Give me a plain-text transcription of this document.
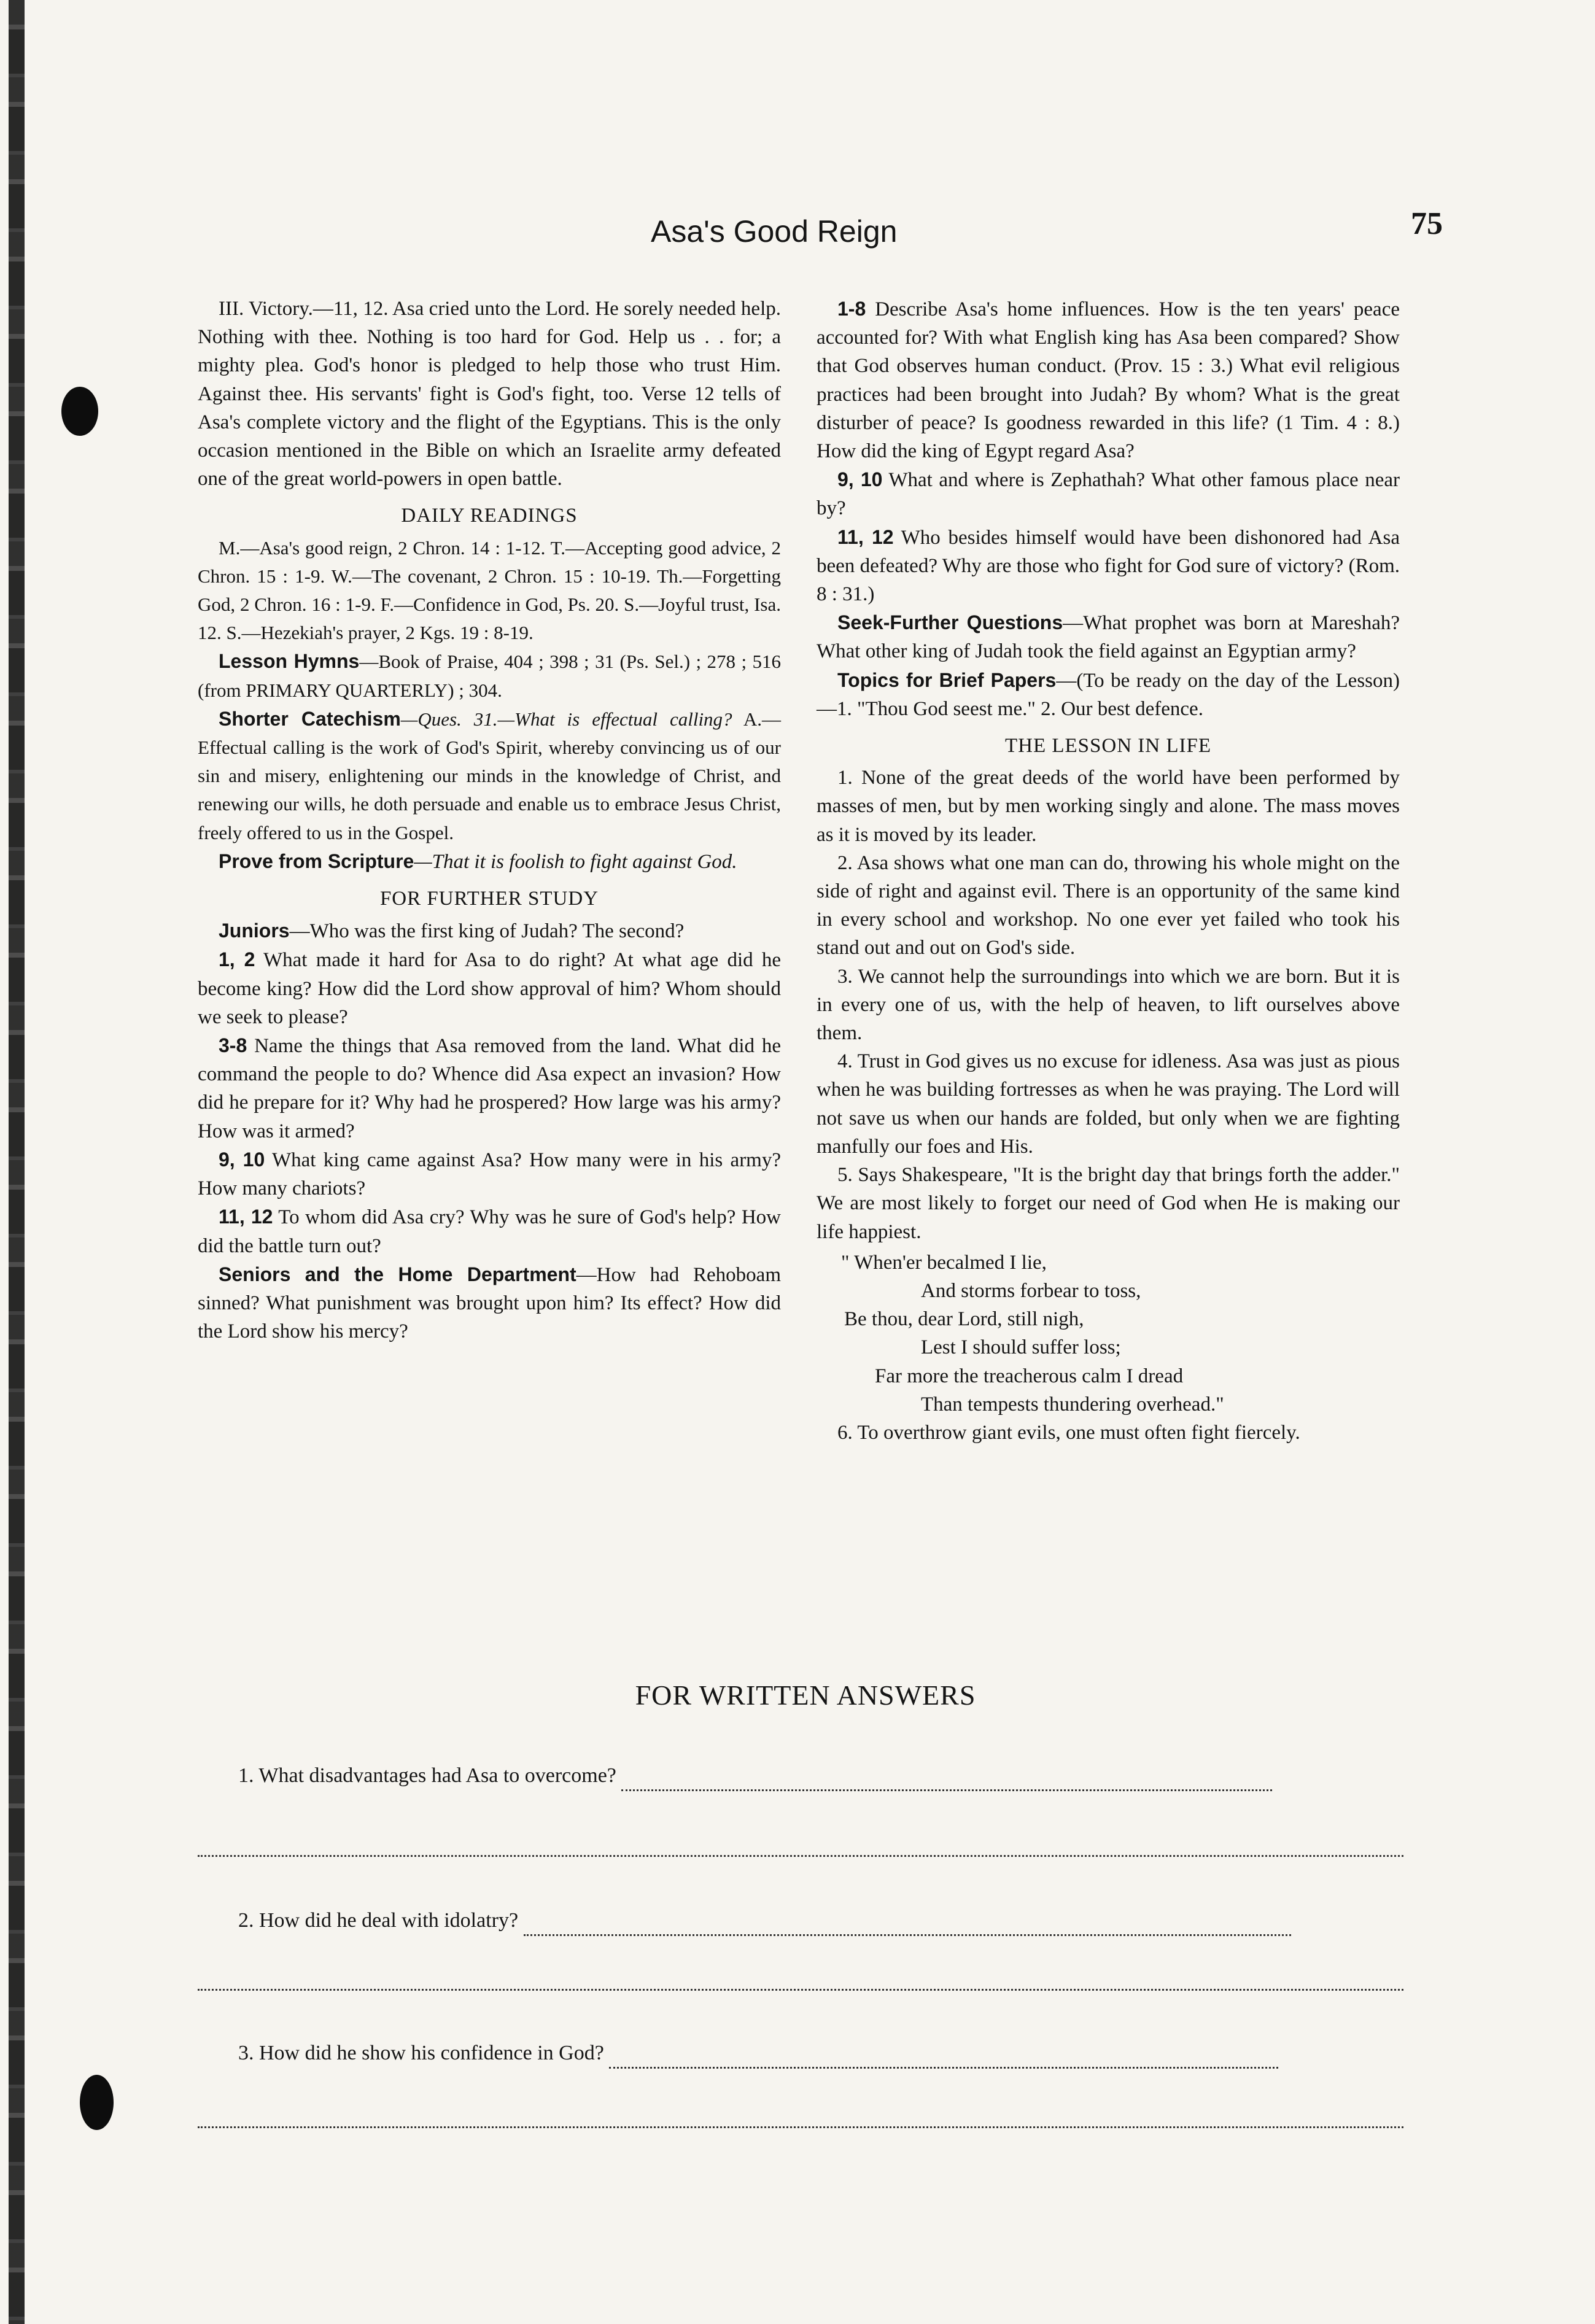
Asa's Good Reign	75

III. Victory.—11, 12. Asa cried unto the Lord. He sorely needed help. Nothing with thee. Nothing is too hard for God. Help us . . for; a mighty plea. God's honor is pledged to help those who trust Him. Against thee. His servants' fight is God's fight, too. Verse 12 tells of Asa's complete victory and the flight of the Egyptians. This is the only occasion mentioned in the Bible on which an Israelite army defeated one of the great world-powers in open battle.

DAILY READINGS

M.—Asa's good reign, 2 Chron. 14 : 1-12. T.—Accepting good advice, 2 Chron. 15 : 1-9. W.—The covenant, 2 Chron. 15 : 10-19. Th.—Forgetting God, 2 Chron. 16 : 1-9. F.—Confidence in God, Ps. 20. S.—Joyful trust, Isa. 12. S.—Hezekiah's prayer, 2 Kgs. 19 : 8-19.

Lesson Hymns—Book of Praise, 404 ; 398 ; 31 (Ps. Sel.) ; 278 ; 516 (from PRIMARY QUARTERLY) ; 304.

Shorter Catechism—Ques. 31.—What is effectual calling? A.—Effectual calling is the work of God's Spirit, whereby convincing us of our sin and misery, enlightening our minds in the knowledge of Christ, and renewing our wills, he doth persuade and enable us to embrace Jesus Christ, freely offered to us in the Gospel.

Prove from Scripture—That it is foolish to fight against God.

FOR FURTHER STUDY

Juniors—Who was the first king of Judah? The second?

1, 2 What made it hard for Asa to do right? At what age did he become king? How did the Lord show approval of him? Whom should we seek to please?

3-8 Name the things that Asa removed from the land. What did he command the people to do? Whence did Asa expect an invasion? How did he prepare for it? Why had he prospered? How large was his army? How was it armed?

9, 10 What king came against Asa? How many were in his army? How many chariots?

11, 12 To whom did Asa cry? Why was he sure of God's help? How did the battle turn out?

Seniors and the Home Department—How had Rehoboam sinned? What punishment was brought upon him? Its effect? How did the Lord show his mercy?

1-8 Describe Asa's home influences. How is the ten years' peace accounted for? With what English king has Asa been compared? Show that God observes human conduct. (Prov. 15 : 3.) What evil religious practices had been brought into Judah? By whom? What is the great disturber of peace? Is goodness rewarded in this life? (1 Tim. 4 : 8.) How did the king of Egypt regard Asa?

9, 10 What and where is Zephathah? What other famous place near by?

11, 12 Who besides himself would have been dishonored had Asa been defeated? Why are those who fight for God sure of victory? (Rom. 8 : 31.)

Seek-Further Questions—What prophet was born at Mareshah? What other king of Judah took the field against an Egyptian army?

Topics for Brief Papers—(To be ready on the day of the Lesson)—1. "Thou God seest me." 2. Our best defence.

THE LESSON IN LIFE

1. None of the great deeds of the world have been performed by masses of men, but by men working singly and alone. The mass moves as it is moved by its leader.

2. Asa shows what one man can do, throwing his whole might on the side of right and against evil. There is an opportunity of the same kind in every school and workshop. No one ever yet failed who took his stand out and out on God's side.

3. We cannot help the surroundings into which we are born. But it is in every one of us, with the help of heaven, to lift ourselves above them.

4. Trust in God gives us no excuse for idleness. Asa was just as pious when he was building fortresses as when he was praying. The Lord will not save us when our hands are folded, but only when we are fighting manfully our foes and His.

5. Says Shakespeare, "It is the bright day that brings forth the adder." We are most likely to forget our need of God when He is making our life happiest.

" When'er becalmed I lie,
And storms forbear to toss,
Be thou, dear Lord, still nigh,
Lest I should suffer loss;
Far more the treacherous calm I dread
Than tempests thundering overhead."

6. To overthrow giant evils, one must often fight fiercely.

FOR WRITTEN ANSWERS
1. What disadvantages had Asa to overcome?
2. How did he deal with idolatry?
3. How did he show his confidence in God?
